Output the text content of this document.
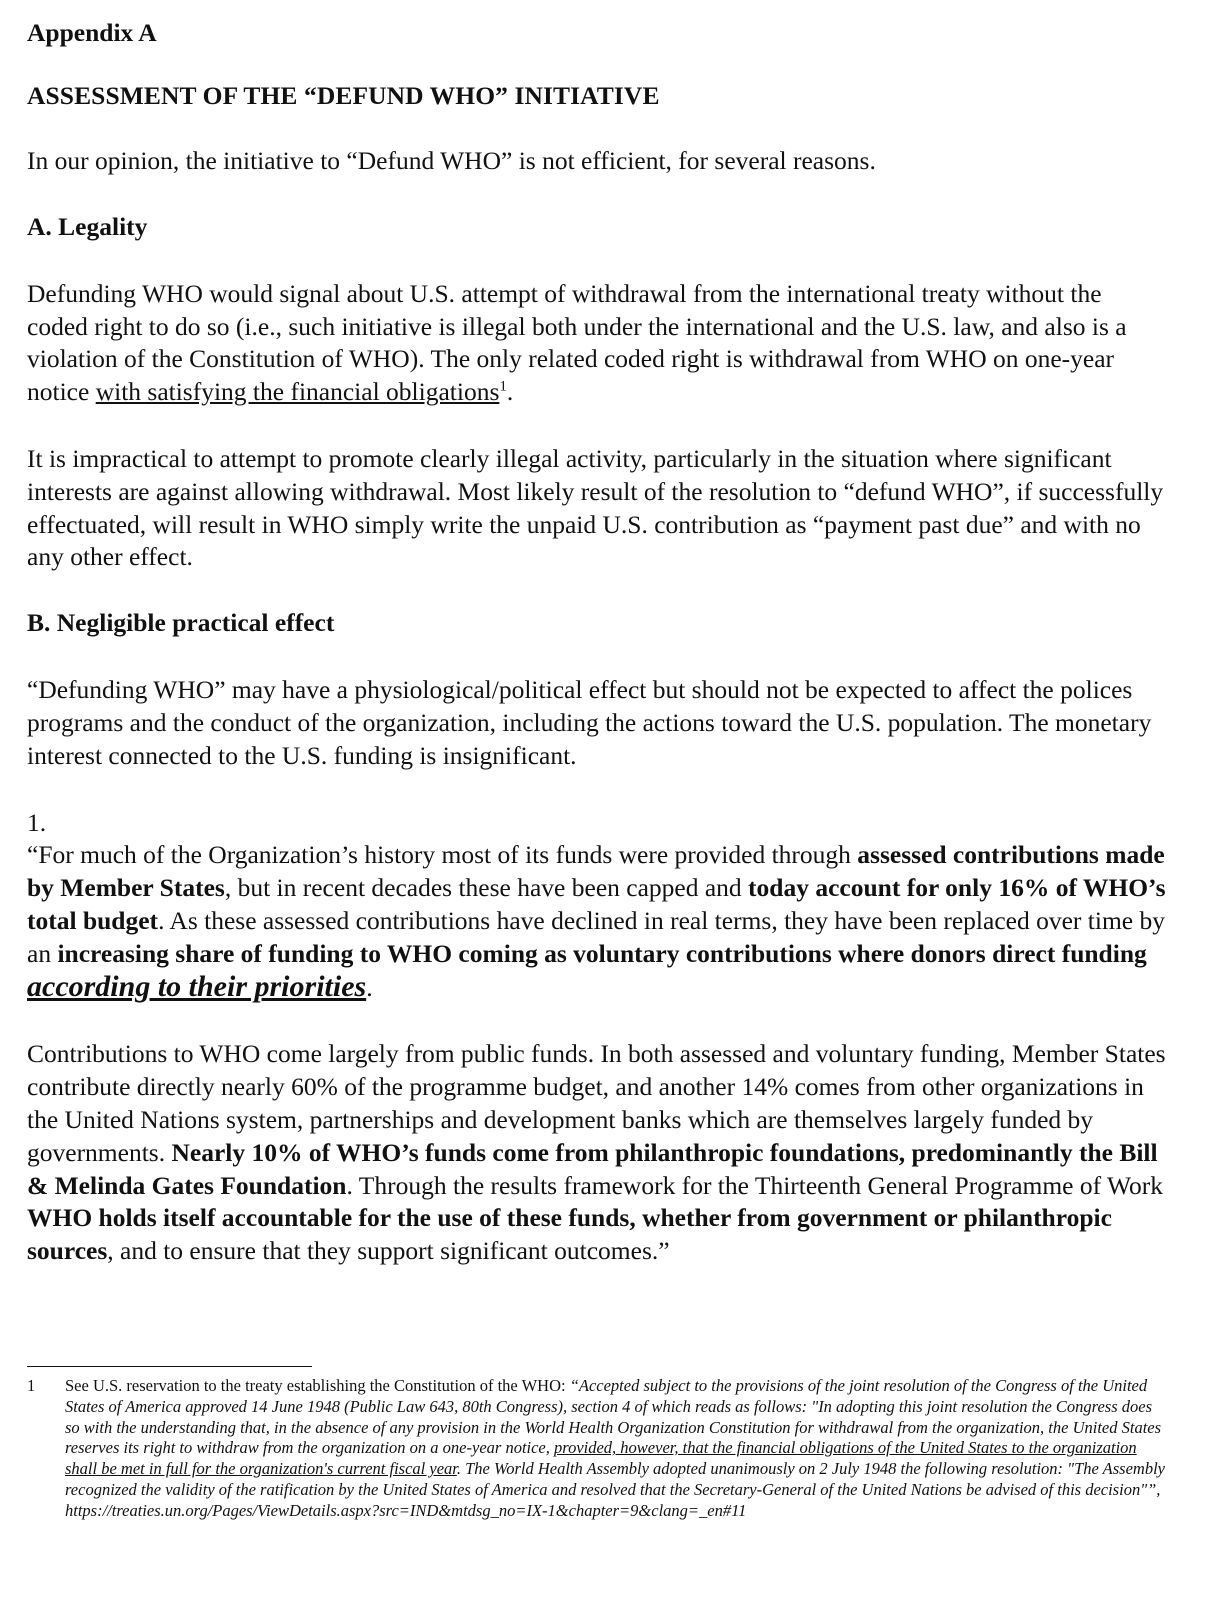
Appendix A
ASSESSMENT OF THE “DEFUND WHO” INITIATIVE

In our opinion, the initiative to “Defund WHO” is not efficient, for several reasons.

A. Legality

Defunding WHO would signal about U.S. attempt of withdrawal from the international treaty without the coded right to do so (i.e., such initiative is illegal both under the international and the U.S. law, and also is a violation of the Constitution of WHO). The only related coded right is withdrawal from WHO on one-year notice with satisfying the financial obligations$^1$.

It is impractical to attempt to promote clearly illegal activity, particularly in the situation where significant interests are against allowing withdrawal. Most likely result of the resolution to “defund WHO”, if successfully effectuated, will result in WHO simply write the unpaid U.S. contribution as “payment past due” and with no any other effect.

B. Negligible practical effect

“Defunding WHO” may have a physiological/political effect but should not be expected to affect the polices programs and the conduct of the organization, including the actions toward the U.S. population. The monetary interest connected to the U.S. funding is insignificant.

1.

“For much of the Organization’s history most of its funds were provided through assessed contributions made by Member States, but in recent decades these have been capped and today account for only 16% of WHO’s total budget. As these assessed contributions have declined in real terms, they have been replaced over time by an increasing share of funding to WHO coming as voluntary contributions where donors direct funding according to their priorities.

Contributions to WHO come largely from public funds. In both assessed and voluntary funding, Member States contribute directly nearly 60% of the programme budget, and another 14% comes from other organizations in the United Nations system, partnerships and development banks which are themselves largely funded by governments. Nearly 10% of WHO’s funds come from philanthropic foundations, predominantly the Bill & Melinda Gates Foundation. Through the results framework for the Thirteenth General Programme of Work WHO holds itself accountable for the use of these funds, whether from government or philanthropic sources, and to ensure that they support significant outcomes.”

1 See U.S. reservation to the treaty establishing the Constitution of the WHO: “Accepted subject to the provisions of the joint resolution of the Congress of the United States of America approved 14 June 1948 (Public Law 643, 80th Congress), section 4 of which reads as follows: "In adopting this joint resolution the Congress does so with the understanding that, in the absence of any provision in the World Health Organization Constitution for withdrawal from the organization, the United States reserves its right to withdraw from the organization on a one-year notice, provided, however, that the financial obligations of the United States to the organization shall be met in full for the organization's current fiscal year. The World Health Assembly adopted unanimously on 2 July 1948 the following resolution: "The Assembly recognized the validity of the ratification by the United States of America and resolved that the Secretary-General of the United Nations be advised of this decision"”,
https://treaties.un.org/Pages/ViewDetails.aspx?src=IND&mtdsg_no=IX-1&chapter=9&clang=_en#11
